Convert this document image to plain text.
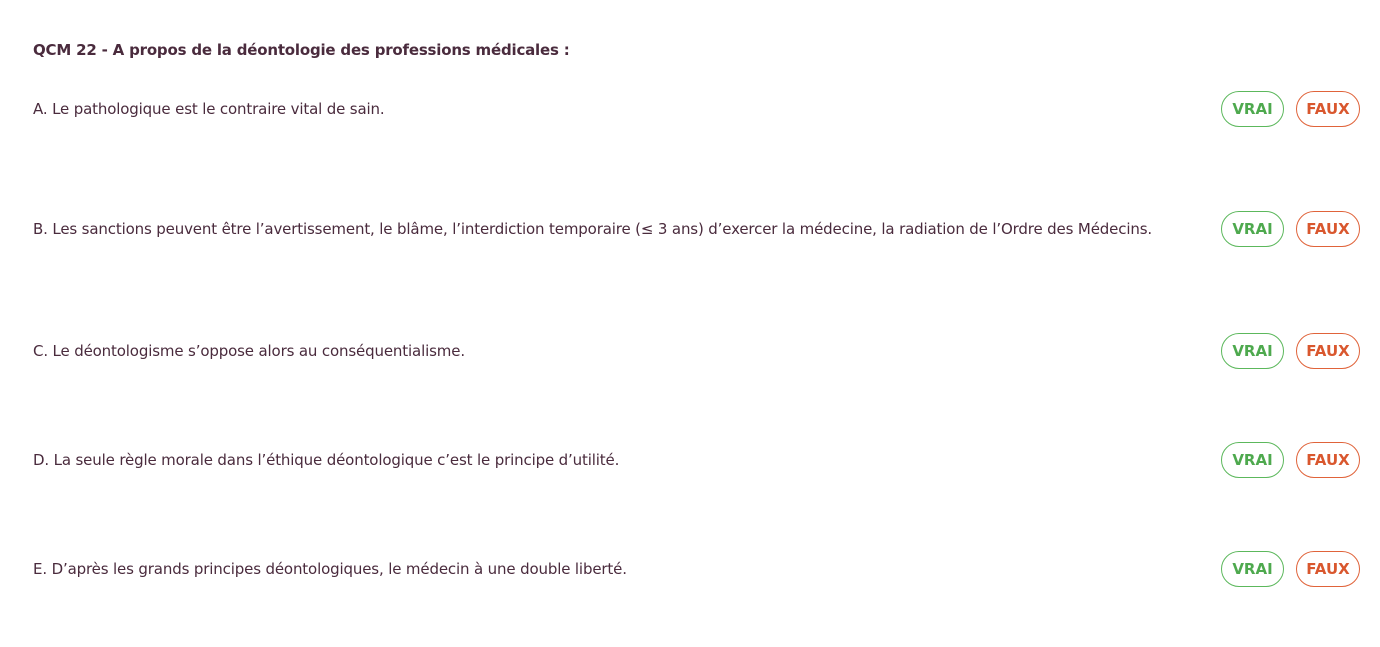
QCM 22 - A propos de la déontologie des professions médicales :
A. Le pathologique est le contraire vital de sain.	VRAI	FAUX
B. Les sanctions peuvent être l’avertissement, le blâme, l’interdiction temporaire (≤ 3 ans) d’exercer la médecine, la radiation de l’Ordre des Médecins.	VRAI	FAUX
C. Le déontologisme s’oppose alors au conséquentialisme.	VRAI	FAUX
D. La seule règle morale dans l’éthique déontologique c’est le principe d’utilité.	VRAI	FAUX
E. D’après les grands principes déontologiques, le médecin à une double liberté.	VRAI	FAUX
